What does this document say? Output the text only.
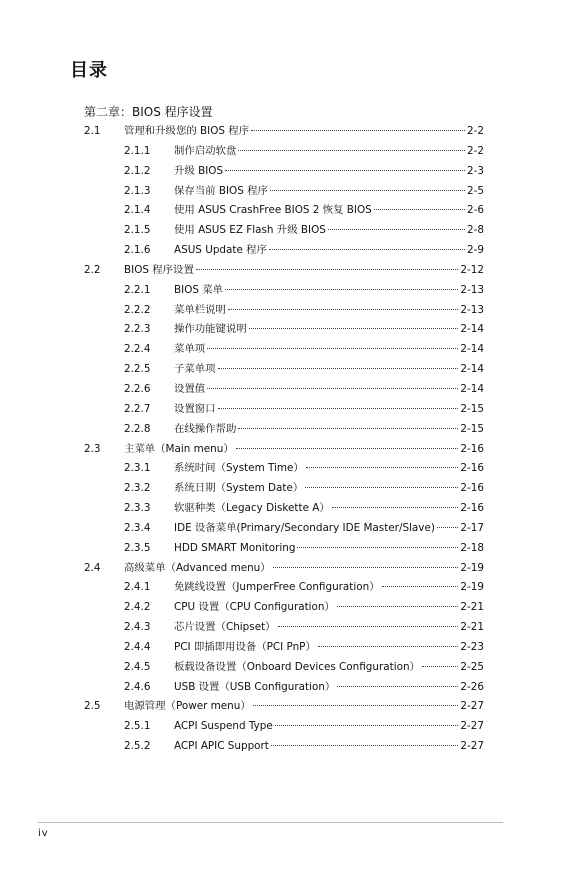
目录
第二章：BIOS 程序设置
2.1 管理和升级您的 BIOS 程序	2-2
2.1.1 制作启动软盘	2-2
2.1.2 升级 BIOS	2-3
2.1.3 保存当前 BIOS 程序	2-5
2.1.4 使用 ASUS CrashFree BIOS 2 恢复 BIOS	2-6
2.1.5 使用 ASUS EZ Flash 升级 BIOS	2-8
2.1.6 ASUS Update 程序	2-9
2.2 BIOS 程序设置	2-12
2.2.1 BIOS 菜单	2-13
2.2.2 菜单栏说明	2-13
2.2.3 操作功能键说明	2-14
2.2.4 菜单项	2-14
2.2.5 子菜单项	2-14
2.2.6 设置值	2-14
2.2.7 设置窗口	2-15
2.2.8 在线操作帮助	2-15
2.3 主菜单（Main menu）	2-16
2.3.1 系统时间（System Time）	2-16
2.3.2 系统日期（System Date）	2-16
2.3.3 软驱种类（Legacy Diskette A）	2-16
2.3.4 IDE 设备菜单(Primary/Secondary IDE Master/Slave) 2-17
2.3.5 HDD SMART Monitoring	2-18
2.4 高级菜单（Advanced menu）	2-19
2.4.1 免跳线设置（JumperFree Configuration）	2-19
2.4.2 CPU 设置（CPU Configuration）	2-21
2.4.3 芯片设置（Chipset）	2-21
2.4.4 PCI 即插即用设备（PCI PnP）	2-23
2.4.5 板载设备设置（Onboard Devices Configuration）	2-25
2.4.6 USB 设置（USB Configuration）	2-26
2.5 电源管理（Power menu）	2-27
2.5.1 ACPI Suspend Type	2-27
2.5.2 ACPI APIC Support	2-27
iv
